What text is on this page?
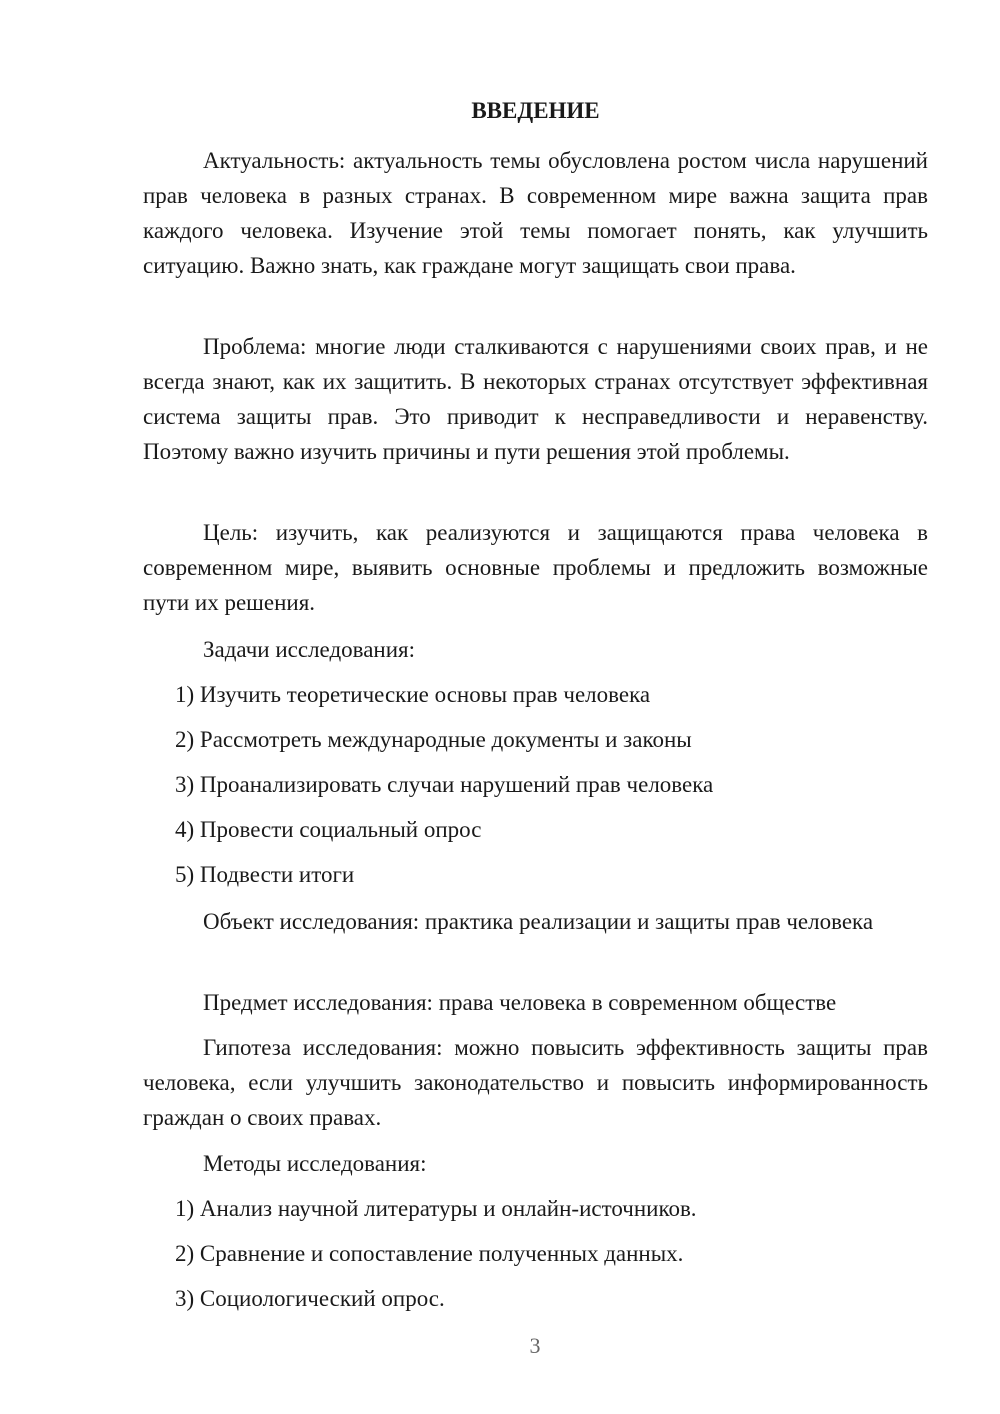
ВВЕДЕНИЕ

Актуальность: актуальность темы обусловлена ростом числа нарушений прав человека в разных странах. В современном мире важна защита прав каждого человека. Изучение этой темы помогает понять, как улучшить ситуацию. Важно знать, как граждане могут защищать свои права.

Проблема: многие люди сталкиваются с нарушениями своих прав, и не всегда знают, как их защитить. В некоторых странах отсутствует эффективная система защиты прав. Это приводит к несправедливости и неравенству. Поэтому важно изучить причины и пути решения этой проблемы.

Цель: изучить, как реализуются и защищаются права человека в современном мире, выявить основные проблемы и предложить возможные пути их решения.

Задачи исследования:
1) Изучить теоретические основы прав человека
2) Рассмотреть международные документы и законы
3) Проанализировать случаи нарушений прав человека
4) Провести социальный опрос
5) Подвести итоги

Объект исследования: практика реализации и защиты прав человека

Предмет исследования: права человека в современном обществе

Гипотеза исследования: можно повысить эффективность защиты прав человека, если улучшить законодательство и повысить информированность граждан о своих правах.

Методы исследования:
1) Анализ научной литературы и онлайн-источников.
2) Сравнение и сопоставление полученных данных.
3) Социологический опрос.
3
